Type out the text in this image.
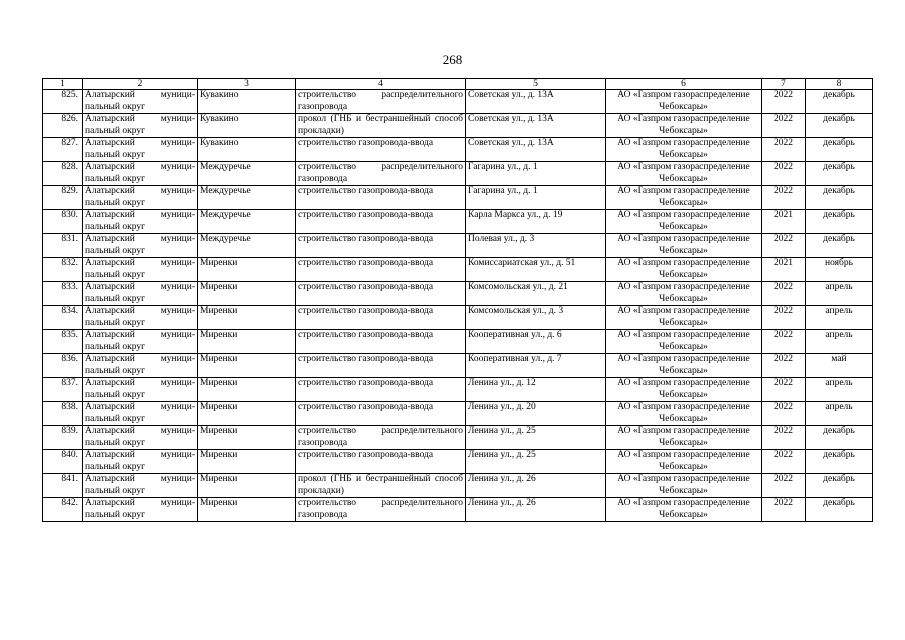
268
1	2	3	4	5	6	7	8
825.	Алатырский муници-пальный округ	Кувакино	строительство распределительного газопровода	Советская ул., д. 13А	АО «Газпром газораспределение Чебоксары»	2022	декабрь
826.	Алатырский муници-пальный округ	Кувакино	прокол (ГНБ и бестраншейный способ прокладки)	Советская ул., д. 13А	АО «Газпром газораспределение Чебоксары»	2022	декабрь
827.	Алатырский муници-пальный округ	Кувакино	строительство газопровода-ввода	Советская ул., д. 13А	АО «Газпром газораспределение Чебоксары»	2022	декабрь
828.	Алатырский муници-пальный округ	Междуречье	строительство распределительного газопровода	Гагарина ул., д. 1	АО «Газпром газораспределение Чебоксары»	2022	декабрь
829.	Алатырский муници-пальный округ	Междуречье	строительство газопровода-ввода	Гагарина ул., д. 1	АО «Газпром газораспределение Чебоксары»	2022	декабрь
830.	Алатырский муници-пальный округ	Междуречье	строительство газопровода-ввода	Карла Маркса ул., д. 19	АО «Газпром газораспределение Чебоксары»	2021	декабрь
831.	Алатырский муници-пальный округ	Междуречье	строительство газопровода-ввода	Полевая ул., д. 3	АО «Газпром газораспределение Чебоксары»	2022	декабрь
832.	Алатырский муници-пальный округ	Миренки	строительство газопровода-ввода	Комиссариатская ул., д. 51	АО «Газпром газораспределение Чебоксары»	2021	ноябрь
833.	Алатырский муници-пальный округ	Миренки	строительство газопровода-ввода	Комсомольская ул., д. 21	АО «Газпром газораспределение Чебоксары»	2022	апрель
834.	Алатырский муници-пальный округ	Миренки	строительство газопровода-ввода	Комсомольская ул., д. 3	АО «Газпром газораспределение Чебоксары»	2022	апрель
835.	Алатырский муници-пальный округ	Миренки	строительство газопровода-ввода	Кооперативная ул., д. 6	АО «Газпром газораспределение Чебоксары»	2022	апрель
836.	Алатырский муници-пальный округ	Миренки	строительство газопровода-ввода	Кооперативная ул., д. 7	АО «Газпром газораспределение Чебоксары»	2022	май
837.	Алатырский муници-пальный округ	Миренки	строительство газопровода-ввода	Ленина ул., д. 12	АО «Газпром газораспределение Чебоксары»	2022	апрель
838.	Алатырский муници-пальный округ	Миренки	строительство газопровода-ввода	Ленина ул., д. 20	АО «Газпром газораспределение Чебоксары»	2022	апрель
839.	Алатырский муници-пальный округ	Миренки	строительство распределительного газопровода	Ленина ул., д. 25	АО «Газпром газораспределение Чебоксары»	2022	декабрь
840.	Алатырский муници-пальный округ	Миренки	строительство газопровода-ввода	Ленина ул., д. 25	АО «Газпром газораспределение Чебоксары»	2022	декабрь
841.	Алатырский муници-пальный округ	Миренки	прокол (ГНБ и бестраншейный способ прокладки)	Ленина ул., д. 26	АО «Газпром газораспределение Чебоксары»	2022	декабрь
842.	Алатырский муници-пальный округ	Миренки	строительство распределительного газопровода	Ленина ул., д. 26	АО «Газпром газораспределение Чебоксары»	2022	декабрь
